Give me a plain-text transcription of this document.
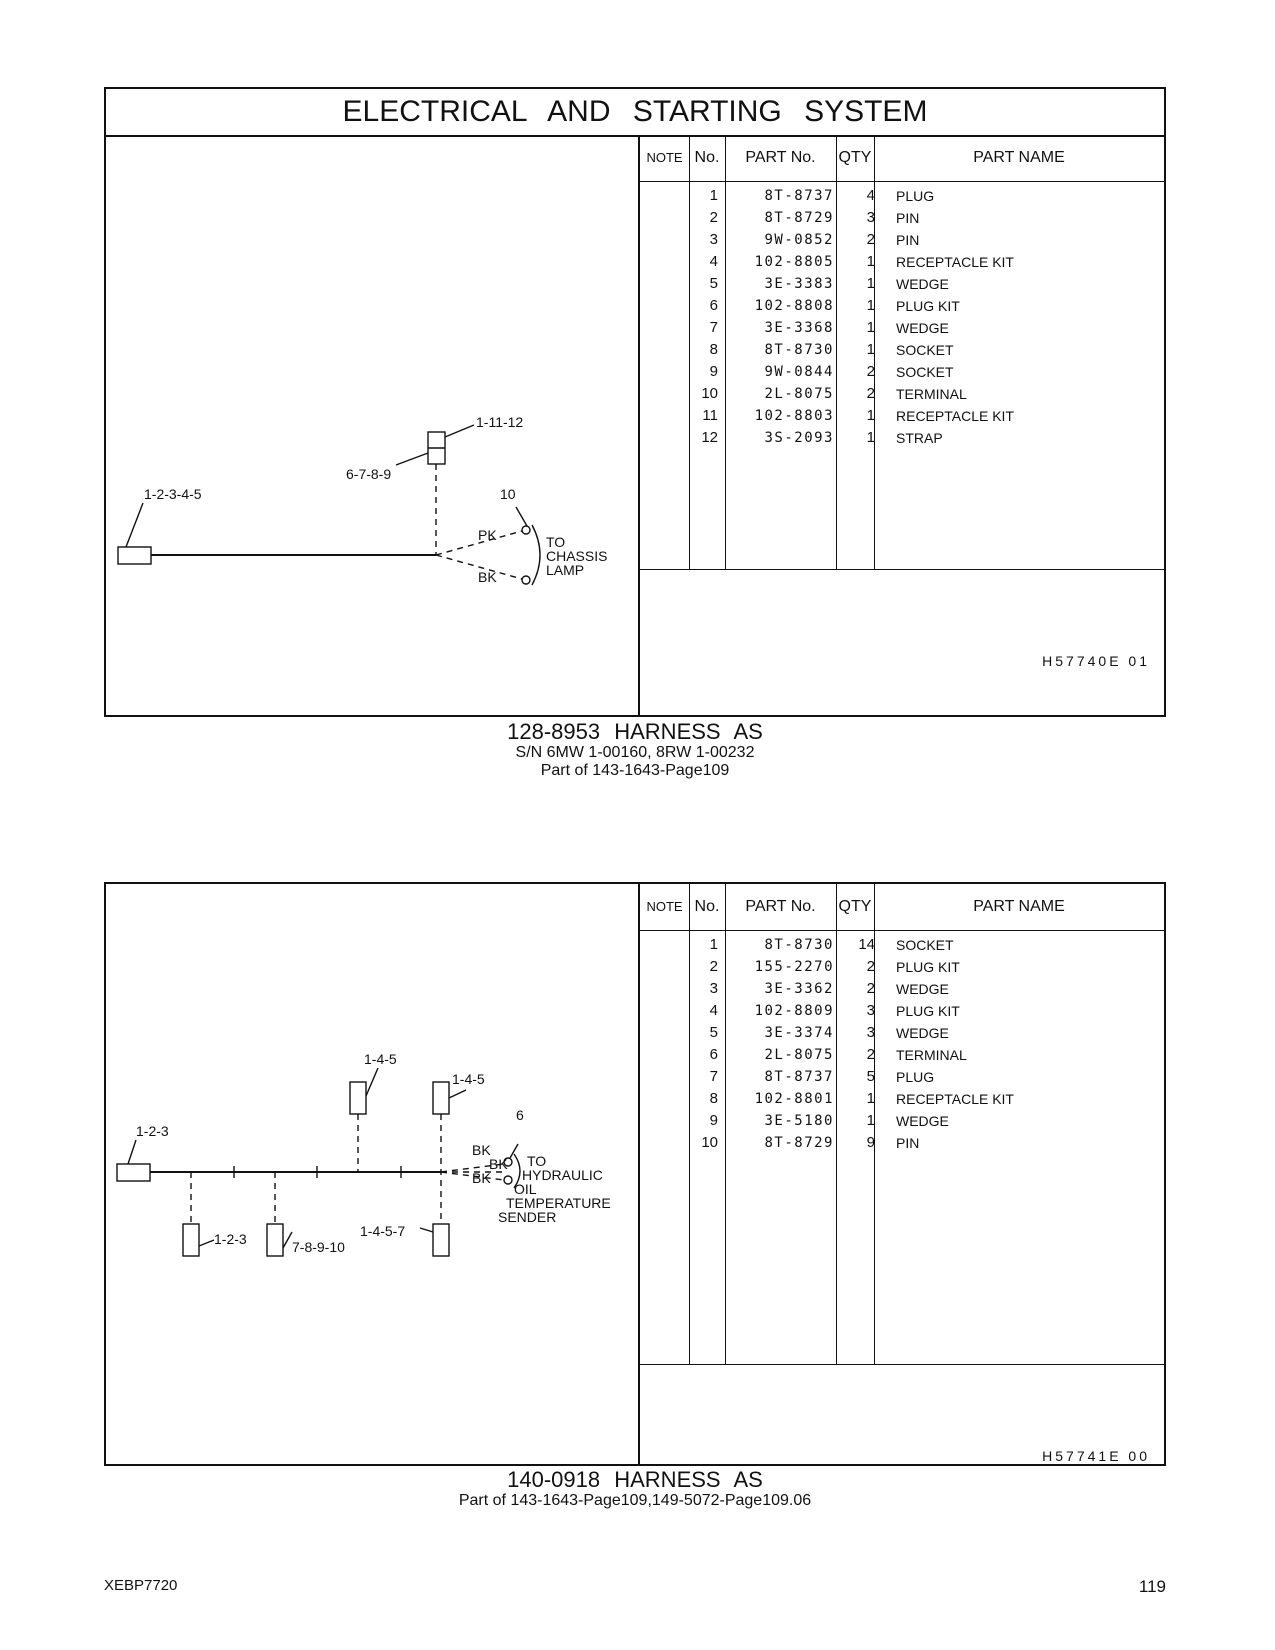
ELECTRICAL AND STARTING SYSTEM
1-2-3-4-5
1-11-12
6-7-8-9
10
PK
BK
TO
CHASSIS
LAMP
NOTE No.	PART No.	QTY	PART NAME
1	8T-8737	4 PLUG
2	8T-8729	3 PIN
3	9W-0852	2 PIN
4	102-8805	1 RECEPTACLE KIT
5	3E-3383	1 WEDGE
6	102-8808	1 PLUG KIT
7	3E-3368	1 WEDGE
8	8T-8730	1 SOCKET
9	9W-0844	2 SOCKET
10	2L-8075	2 TERMINAL
11	102-8803	1 RECEPTACLE KIT
12	3S-2093	1 STRAP
H57740E 01
128-8953 HARNESS AS
S/N 6MW 1-00160, 8RW 1-00232
Part of 143-1643-Page109
1-2-3
1-4-5
1-4-5
6
BK
BK
BK
TO
HYDRAULIC
OIL
TEMPERATURE
SENDER
1-2-3	7-8-9-10
1-4-5-7
NOTE No.	PART No.	QTY	PART NAME
1	8T-8730	14 SOCKET
2	155-2270	2 PLUG KIT
3	3E-3362	2 WEDGE
4	102-8809	3 PLUG KIT
5	3E-3374	3 WEDGE
6	2L-8075	2 TERMINAL
7	8T-8737	5 PLUG
8	102-8801	1 RECEPTACLE KIT
9	3E-5180	1 WEDGE
10	8T-8729	9 PIN
H57741E 00
140-0918 HARNESS AS
Part of 143-1643-Page109,149-5072-Page109.06
XEBP7720	119
